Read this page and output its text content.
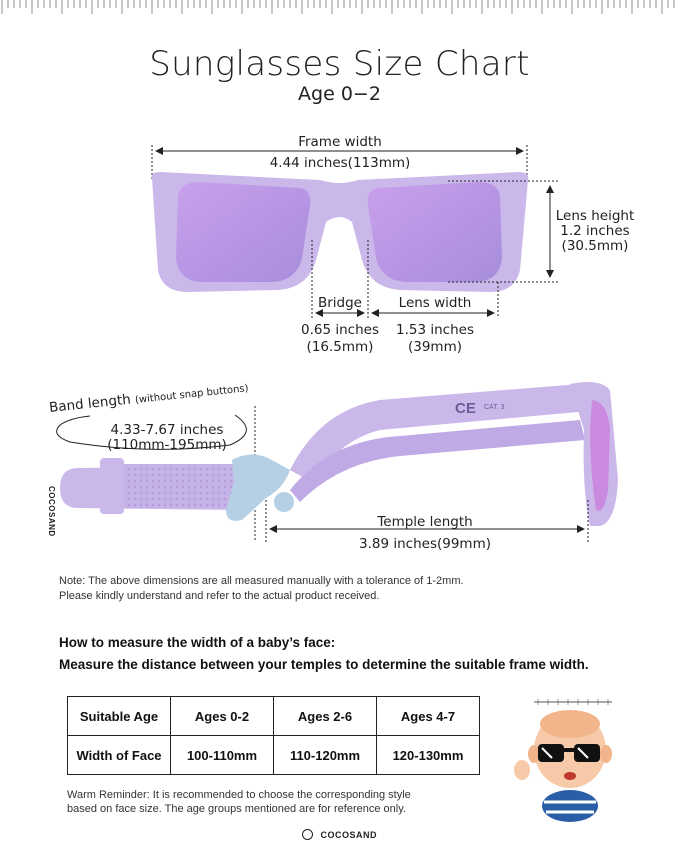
Sunglasses Size Chart
Age 0−2
Frame width
4.44 inches(113mm)
Lens height
1.2 inches
(30.5mm)
Bridge
0.65 inches
(16.5mm)
Lens width
1.53 inches
(39mm)
Band length (without snap buttons)
4.33-7.67 inches
(110mm-195mm)
COCOSAND
CE CAT. 3
Temple length
3.89 inches(99mm)
Note: The above dimensions are all measured manually with a tolerance of 1-2mm.
Please kindly understand and refer to the actual product received.
How to measure the width of a baby’s face:
Measure the distance between your temples to determine the suitable frame width.
Suitable Age	Ages 0-2	Ages 2-6	Ages 4-7
Width of Face	100-110mm	110-120mm	120-130mm
Warm Reminder: It is recommended to choose the corresponding style
based on face size. The age groups mentioned are for reference only.
COCOSAND
